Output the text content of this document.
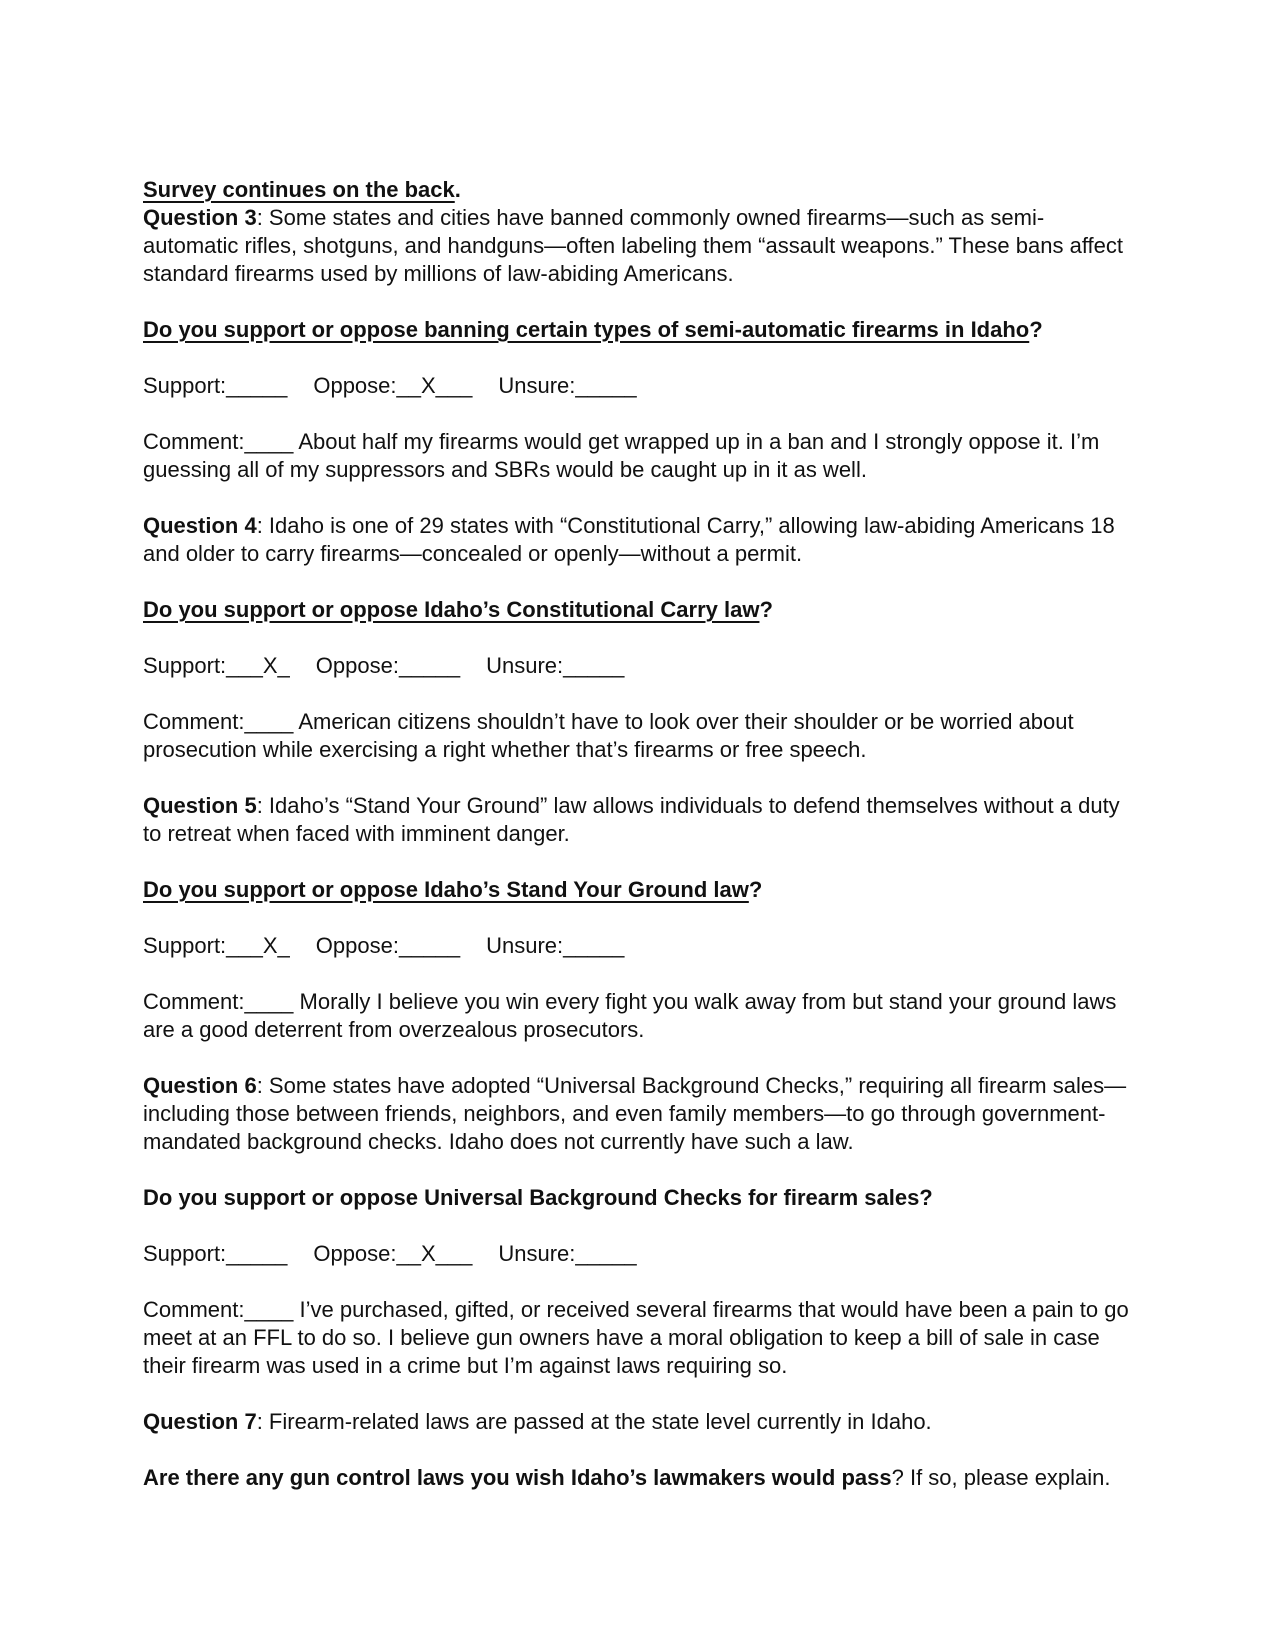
Survey continues on the back.

Question 3: Some states and cities have banned commonly owned firearms—such as semi-automatic rifles, shotguns, and handguns—often labeling them “assault weapons.” These bans affect standard firearms used by millions of law-abiding Americans.

Do you support or oppose banning certain types of semi-automatic firearms in Idaho?

Support:_____ Oppose:__X___ Unsure:_____

Comment:____ About half my firearms would get wrapped up in a ban and I strongly oppose it. I’m guessing all of my suppressors and SBRs would be caught up in it as well.

Question 4: Idaho is one of 29 states with “Constitutional Carry,” allowing law-abiding Americans 18 and older to carry firearms—concealed or openly—without a permit.

Do you support or oppose Idaho’s Constitutional Carry law?

Support:___X_ Oppose:_____ Unsure:_____

Comment:____ American citizens shouldn’t have to look over their shoulder or be worried about prosecution while exercising a right whether that’s firearms or free speech.

Question 5: Idaho’s “Stand Your Ground” law allows individuals to defend themselves without a duty to retreat when faced with imminent danger.

Do you support or oppose Idaho’s Stand Your Ground law?

Support:___X_ Oppose:_____ Unsure:_____

Comment:____ Morally I believe you win every fight you walk away from but stand your ground laws are a good deterrent from overzealous prosecutors.

Question 6: Some states have adopted “Universal Background Checks,” requiring all firearm sales—including those between friends, neighbors, and even family members—to go through government-mandated background checks. Idaho does not currently have such a law.

Do you support or oppose Universal Background Checks for firearm sales?

Support:_____ Oppose:__X___ Unsure:_____

Comment:____ I’ve purchased, gifted, or received several firearms that would have been a pain to go meet at an FFL to do so. I believe gun owners have a moral obligation to keep a bill of sale in case their firearm was used in a crime but I’m against laws requiring so.

Question 7: Firearm-related laws are passed at the state level currently in Idaho.

Are there any gun control laws you wish Idaho’s lawmakers would pass? If so, please explain.
